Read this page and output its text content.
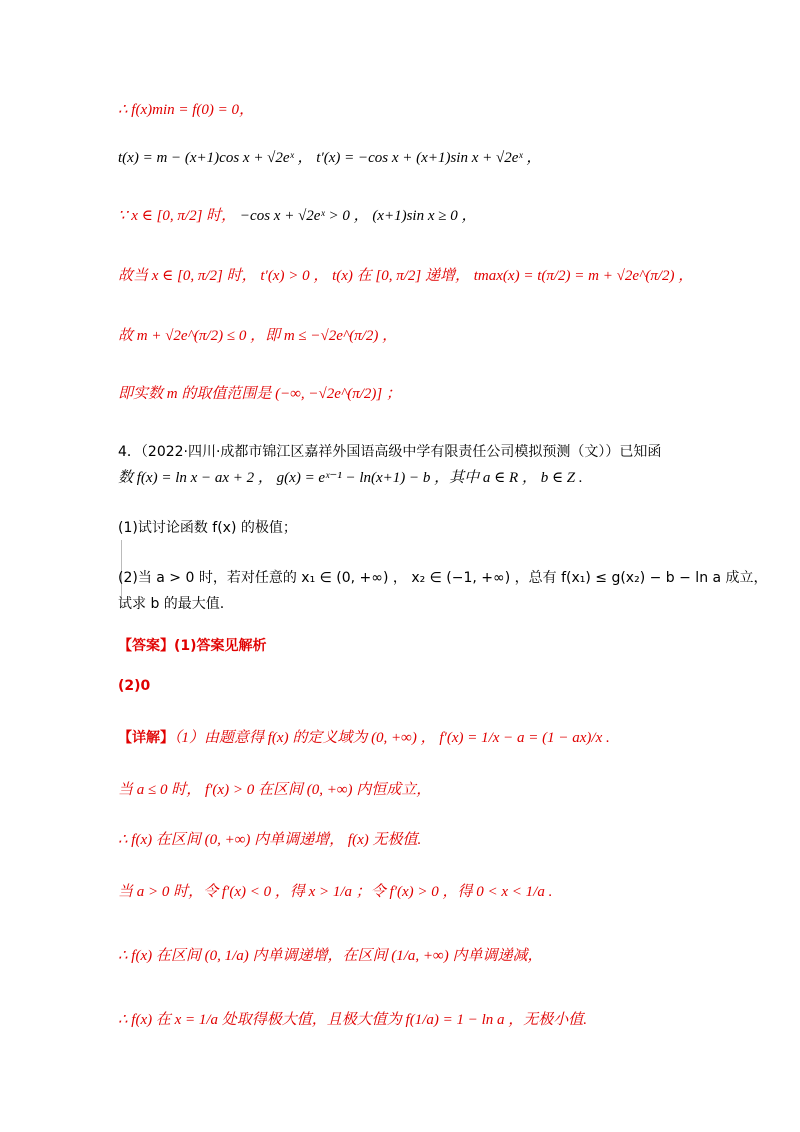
∴ f(x)min = f(0) = 0，
t(x) = m − (x+1)cos x + √2eˣ ， t′(x) = −cos x + (x+1)sin x + √2eˣ ，
∵ x ∈ [0, π/2] 时， −cos x + √2eˣ > 0 ， (x+1)sin x ≥ 0 ，
故当 x ∈ [0, π/2] 时， t′(x) > 0 ， t(x) 在 [0, π/2] 递增， tmax(x) = t(π/2) = m + √2e^(π/2) ，
故 m + √2e^(π/2) ≤ 0 ，即 m ≤ −√2e^(π/2) ，
即实数 m 的取值范围是 (−∞, −√2e^(π/2)] ；
4．（2022·四川·成都市锦江区嘉祥外国语高级中学有限责任公司模拟预测（文））已知函
数 f(x) = ln x − ax + 2 ， g(x) = eˣ⁻¹ − ln(x+1) − b ，其中 a ∈ R ， b ∈ Z .
(1)试讨论函数 f(x) 的极值；
(2)当 a > 0 时，若对任意的 x₁ ∈ (0, +∞) ， x₂ ∈ (−1, +∞) ，总有 f(x₁) ≤ g(x₂) − b − ln a 成立，
试求 b 的最大值.
【答案】(1)答案见解析
(2)0
【详解】（1）由题意得 f(x) 的定义域为 (0, +∞) ， f′(x) = 1/x − a = (1 − ax)/x .
当 a ≤ 0 时， f′(x) > 0 在区间 (0, +∞) 内恒成立，
∴ f(x) 在区间 (0, +∞) 内单调递增， f(x) 无极值.
当 a > 0 时，令 f′(x) < 0 ，得 x > 1/a ；令 f′(x) > 0 ，得 0 < x < 1/a .
∴ f(x) 在区间 (0, 1/a) 内单调递增，在区间 (1/a, +∞) 内单调递减，
∴ f(x) 在 x = 1/a 处取得极大值，且极大值为 f(1/a) = 1 − ln a ，无极小值.
